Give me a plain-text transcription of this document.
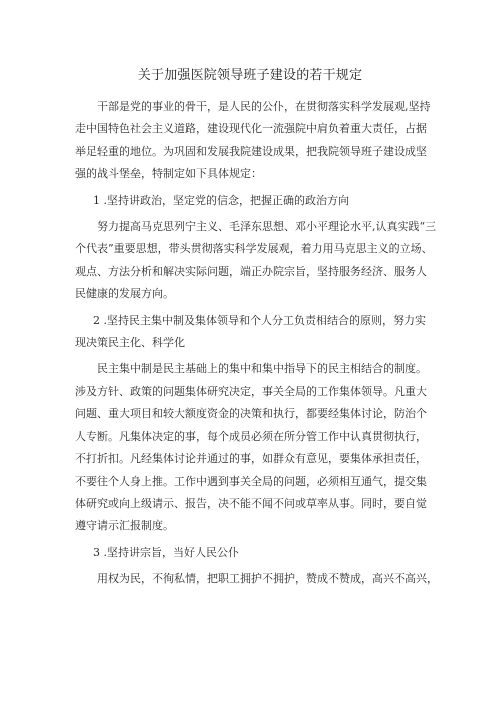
关于加强医院领导班子建设的若干规定
干部是党的事业的骨干，是人民的公仆，在贯彻落实科学发展观,坚持
走中国特色社会主义道路，建设现代化一流强院中肩负着重大责任，占据
举足轻重的地位。为巩固和发展我院建设成果，把我院领导班子建设成坚
强的战斗堡垒，特制定如下具体规定：
1 .坚持讲政治，坚定党的信念，把握正确的政治方向
努力提高马克思列宁主义、毛泽东思想、邓小平理论水平,认真实践“三
个代表”重要思想，带头贯彻落实科学发展观，着力用马克思主义的立场、
观点、方法分析和解决实际问题，端正办院宗旨，坚持服务经济、服务人
民健康的发展方向。
2 .坚持民主集中制及集体领导和个人分工负责相结合的原则，努力实
现决策民主化、科学化
民主集中制是民主基础上的集中和集中指导下的民主相结合的制度。
涉及方针、政策的问题集体研究决定，事关全局的工作集体领导。凡重大
问题、重大项目和较大额度资金的决策和执行，都要经集体讨论，防治个
人专断。凡集体决定的事，每个成员必须在所分管工作中认真贯彻执行，
不打折扣。凡经集体讨论并通过的事，如群众有意见，要集体承担责任，
不要往个人身上推。工作中遇到事关全局的问题，必须相互通气，提交集
体研究或向上级请示、报告，决不能不闻不问或草率从事。同时，要自觉
遵守请示汇报制度。
3 .坚持讲宗旨，当好人民公仆
用权为民，不徇私情，把职工拥护不拥护，赞成不赞成，高兴不高兴，
